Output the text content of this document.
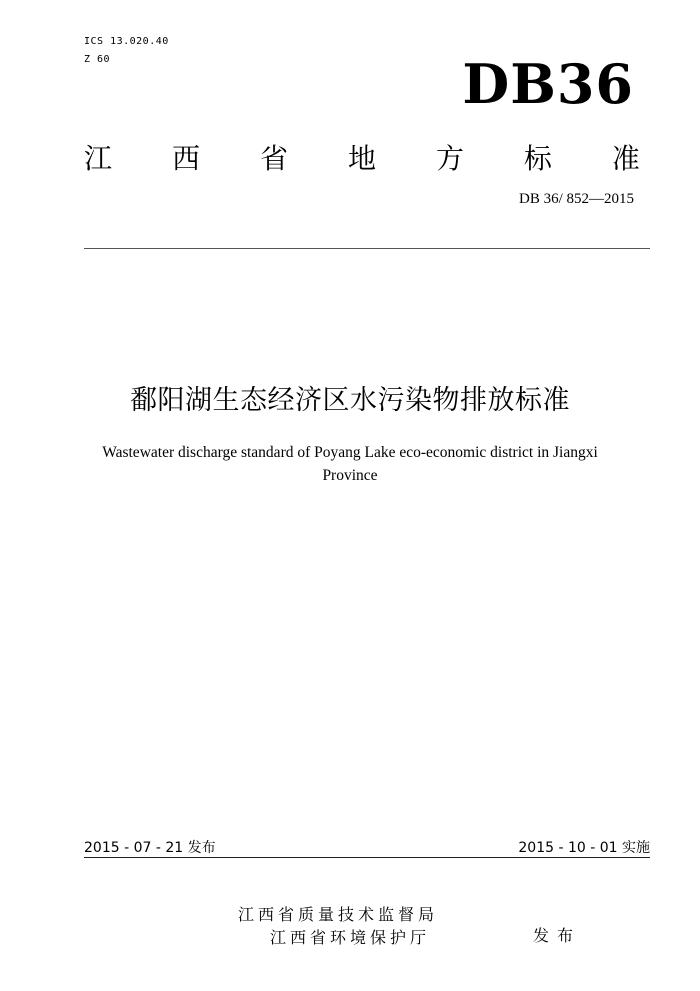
ICS 13.020.40
Z 60	DB36
江 西 省 地 方 标 准
DB 36/ 852—2015
鄱阳湖生态经济区水污染物排放标准
Wastewater discharge standard of Poyang Lake eco-economic district in Jiangxi
Province
2015 - 07 - 21 发布	2015 - 10 - 01 实施
江西省质量技术监督局
江西省环境保护厅	发布
